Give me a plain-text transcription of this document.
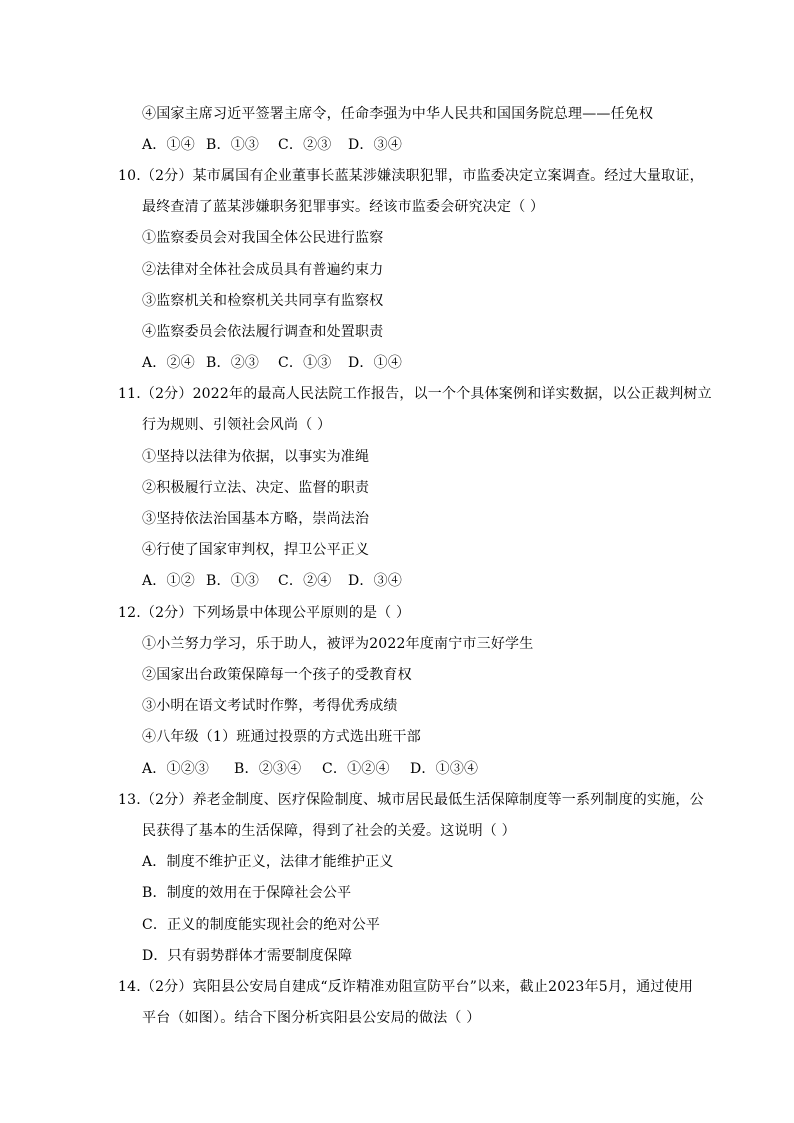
④国家主席习近平签署主席令，任命李强为中华人民共和国国务院总理——任免权
A．①④ B．①③ C．②③ D．③④
10.（2分）某市属国有企业董事长蓝某涉嫌渎职犯罪，市监委决定立案调查。经过大量取证，
最终查清了蓝某涉嫌职务犯罪事实。经该市监委会研究决定（ ）
①监察委员会对我国全体公民进行监察
②法律对全体社会成员具有普遍约束力
③监察机关和检察机关共同享有监察权
④监察委员会依法履行调查和处置职责
A．②④ B．②③ C．①③ D．①④
11.（2分）2022年的最高人民法院工作报告，以一个个具体案例和详实数据，以公正裁判树立
行为规则、引领社会风尚（ ）
①坚持以法律为依据，以事实为准绳
②积极履行立法、决定、监督的职责
③坚持依法治国基本方略，崇尚法治
④行使了国家审判权，捍卫公平正义
A．①② B．①③ C．②④ D．③④
12.（2分）下列场景中体现公平原则的是（ ）
①小兰努力学习，乐于助人，被评为2022年度南宁市三好学生
②国家出台政策保障每一个孩子的受教育权
③小明在语文考试时作弊，考得优秀成绩
④八年级（1）班通过投票的方式选出班干部
A．①②③ B．②③④ C．①②④ D．①③④
13.（2分）养老金制度、医疗保险制度、城市居民最低生活保障制度等一系列制度的实施，公
民获得了基本的生活保障，得到了社会的关爱。这说明（ ）
A．制度不维护正义，法律才能维护正义
B．制度的效用在于保障社会公平
C．正义的制度能实现社会的绝对公平
D．只有弱势群体才需要制度保障
14.（2分）宾阳县公安局自建成“反诈精准劝阻宣防平台”以来，截止2023年5月，通过使用
平台（如图）。结合下图分析宾阳县公安局的做法（ ）
